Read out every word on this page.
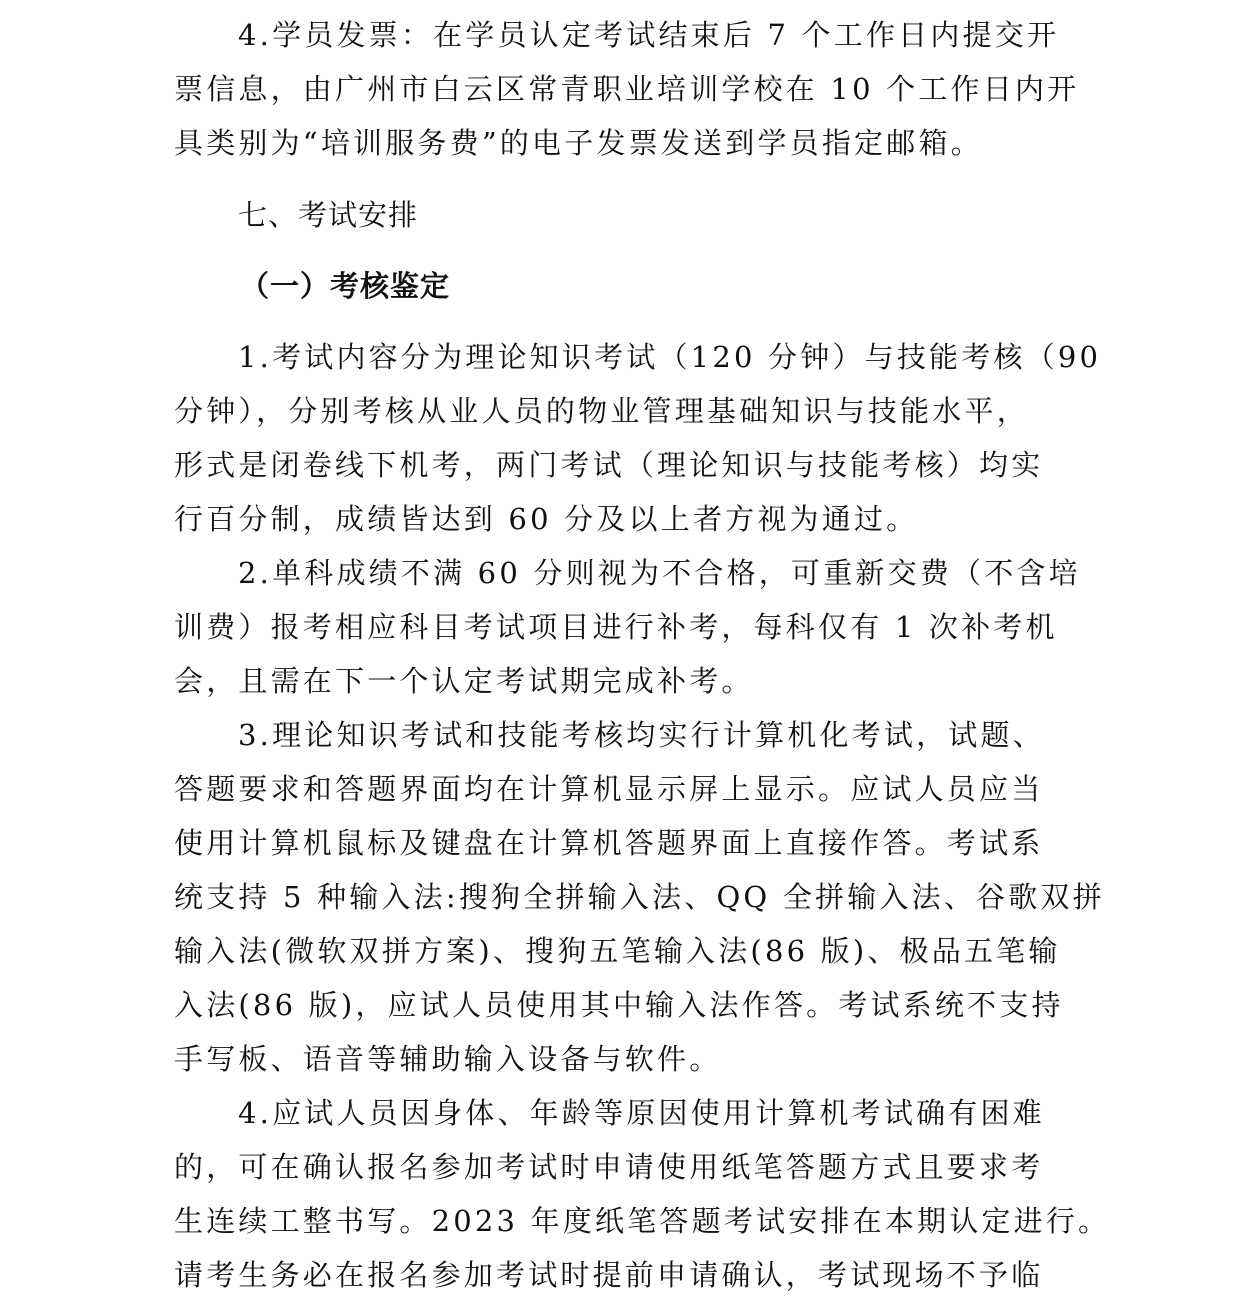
4.学员发票：在学员认定考试结束后 7 个工作日内提交开
票信息，由广州市白云区常青职业培训学校在 10 个工作日内开
具类别为“培训服务费”的电子发票发送到学员指定邮箱。
七、考试安排
（一）考核鉴定
1.考试内容分为理论知识考试（120 分钟）与技能考核（90
分钟），分别考核从业人员的物业管理基础知识与技能水平，
形式是闭卷线下机考，两门考试（理论知识与技能考核）均实
行百分制，成绩皆达到 60 分及以上者方视为通过。
2.单科成绩不满 60 分则视为不合格，可重新交费（不含培
训费）报考相应科目考试项目进行补考，每科仅有 1 次补考机
会，且需在下一个认定考试期完成补考。
3.理论知识考试和技能考核均实行计算机化考试，试题、
答题要求和答题界面均在计算机显示屏上显示。应试人员应当
使用计算机鼠标及键盘在计算机答题界面上直接作答。考试系
统支持 5 种输入法:搜狗全拼输入法、QQ 全拼输入法、谷歌双拼
输入法(微软双拼方案)、搜狗五笔输入法(86 版)、极品五笔输
入法(86 版)，应试人员使用其中输入法作答。考试系统不支持
手写板、语音等辅助输入设备与软件。
4.应试人员因身体、年龄等原因使用计算机考试确有困难
的，可在确认报名参加考试时申请使用纸笔答题方式且要求考
生连续工整书写。2023 年度纸笔答题考试安排在本期认定进行。
请考生务必在报名参加考试时提前申请确认，考试现场不予临
